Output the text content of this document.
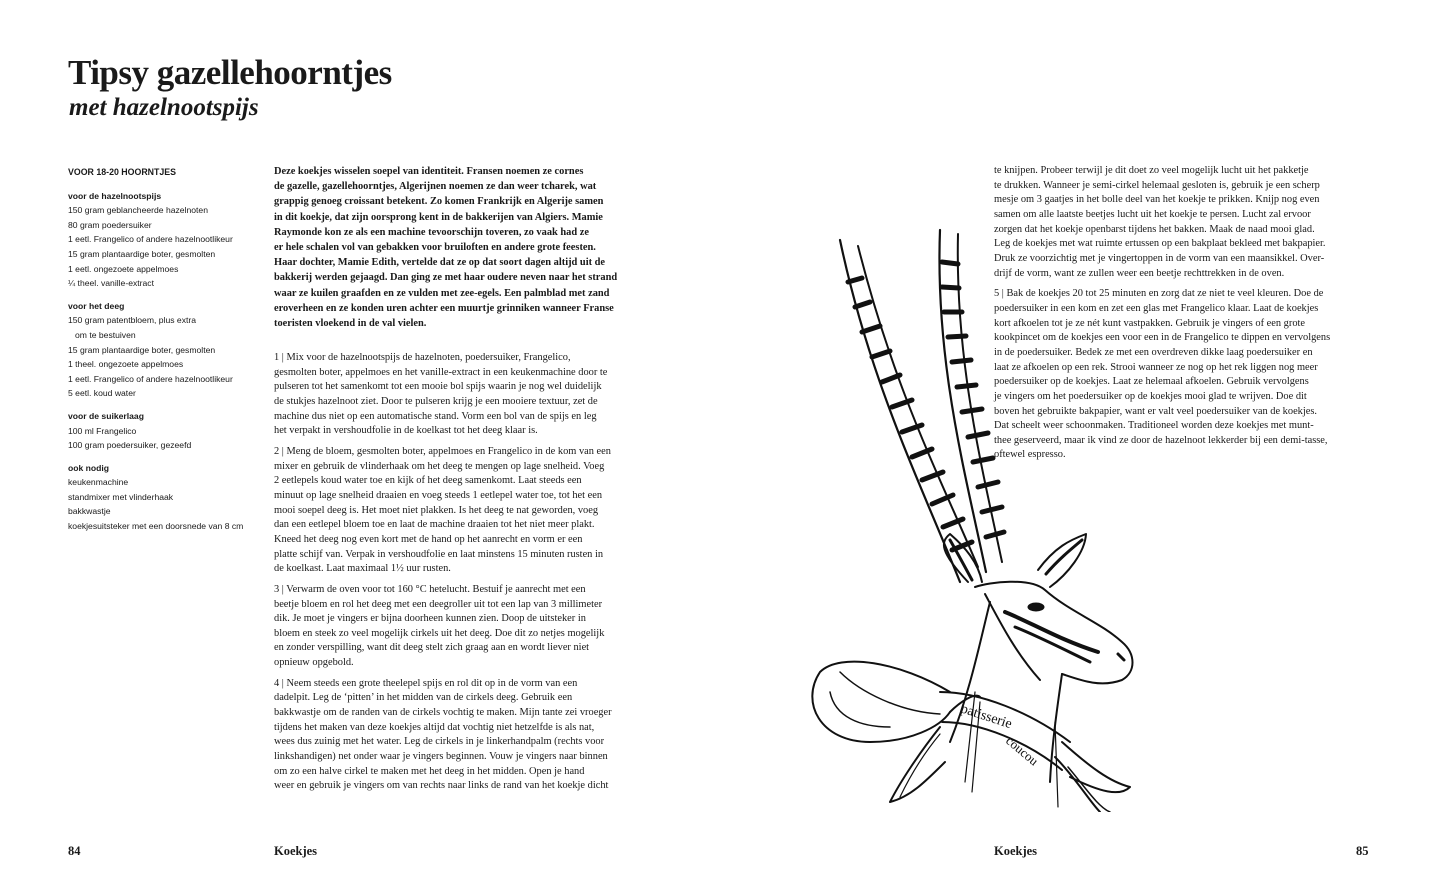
Tipsy gazellehoorntjes
met hazelnootspijs
VOOR 18-20 HOORNTJES
voor de hazelnootspijs
150 gram geblancheerde hazelnoten
80 gram poedersuiker
1 eetl. Frangelico of andere hazelnootlikeur
15 gram plantaardige boter, gesmolten
1 eetl. ongezoete appelmoes
¼ theel. vanille-extract
voor het deeg
150 gram patentbloem, plus extra
om te bestuiven
15 gram plantaardige boter, gesmolten
1 theel. ongezoete appelmoes
1 eetl. Frangelico of andere hazelnootlikeur
5 eetl. koud water
voor de suikerlaag
100 ml Frangelico
100 gram poedersuiker, gezeefd
ook nodig
keukenmachine
standmixer met vlinderhaak
bakkwastje
koekjesuitsteker met een doorsnede van 8 cm
Deze koekjes wisselen soepel van identiteit. Fransen noemen ze cornes
de gazelle, gazellehoorntjes, Algerijnen noemen ze dan weer tcharek, wat
grappig genoeg croissant betekent. Zo komen Frankrijk en Algerije samen
in dit koekje, dat zijn oorsprong kent in de bakkerijen van Algiers. Mamie
Raymonde kon ze als een machine tevoorschijn toveren, zo vaak had ze
er hele schalen vol van gebakken voor bruiloften en andere grote feesten.
Haar dochter, Mamie Edith, vertelde dat ze op dat soort dagen altijd uit de
bakkerij werden gejaagd. Dan ging ze met haar oudere neven naar het strand
waar ze kuilen graafden en ze vulden met zee-egels. Een palmblad met zand
eroverheen en ze konden uren achter een muurtje grinniken wanneer Franse
toeristen vloekend in de val vielen.
1 | Mix voor de hazelnootspijs de hazelnoten, poedersuiker, Frangelico,
gesmolten boter, appelmoes en het vanille-extract in een keukenmachine door te
pulseren tot het samenkomt tot een mooie bol spijs waarin je nog wel duidelijk
de stukjes hazelnoot ziet. Door te pulseren krijg je een mooiere textuur, zet de
machine dus niet op een automatische stand. Vorm een bol van de spijs en leg
het verpakt in vershoudfolie in de koelkast tot het deeg klaar is.
2 | Meng de bloem, gesmolten boter, appelmoes en Frangelico in de kom van een
mixer en gebruik de vlinderhaak om het deeg te mengen op lage snelheid. Voeg
2 eetlepels koud water toe en kijk of het deeg samenkomt. Laat steeds een
minuut op lage snelheid draaien en voeg steeds 1 eetlepel water toe, tot het een
mooi soepel deeg is. Het moet niet plakken. Is het deeg te nat geworden, voeg
dan een eetlepel bloem toe en laat de machine draaien tot het niet meer plakt.
Kneed het deeg nog even kort met de hand op het aanrecht en vorm er een
platte schijf van. Verpak in vershoudfolie en laat minstens 15 minuten rusten in
de koelkast. Laat maximaal 1½ uur rusten.
3 | Verwarm de oven voor tot 160 °C hetelucht. Bestuif je aanrecht met een
beetje bloem en rol het deeg met een deegroller uit tot een lap van 3 millimeter
dik. Je moet je vingers er bijna doorheen kunnen zien. Doop de uitsteker in
bloem en steek zo veel mogelijk cirkels uit het deeg. Doe dit zo netjes mogelijk
en zonder verspilling, want dit deeg stelt zich graag aan en wordt liever niet
opnieuw opgebold.
4 | Neem steeds een grote theelepel spijs en rol dit op in de vorm van een
dadelpit. Leg de ‘pitten’ in het midden van de cirkels deeg. Gebruik een
bakkwastje om de randen van de cirkels vochtig te maken. Mijn tante zei vroeger
tijdens het maken van deze koekjes altijd dat vochtig niet hetzelfde is als nat,
wees dus zuinig met het water. Leg de cirkels in je linkerhandpalm (rechts voor
linkshandigen) net onder waar je vingers beginnen. Vouw je vingers naar binnen
om zo een halve cirkel te maken met het deeg in het midden. Open je hand
weer en gebruik je vingers om van rechts naar links de rand van het koekje dicht
te knijpen. Probeer terwijl je dit doet zo veel mogelijk lucht uit het pakketje
te drukken. Wanneer je semi-cirkel helemaal gesloten is, gebruik je een scherp
mesje om 3 gaatjes in het bolle deel van het koekje te prikken. Knijp nog even
samen om alle laatste beetjes lucht uit het koekje te persen. Lucht zal ervoor
zorgen dat het koekje openbarst tijdens het bakken. Maak de naad mooi glad.
Leg de koekjes met wat ruimte ertussen op een bakplaat bekleed met bakpapier.
Druk ze voorzichtig met je vingertoppen in de vorm van een maansikkel. Over-
drijf de vorm, want ze zullen weer een beetje rechttrekken in de oven.
5 | Bak de koekjes 20 tot 25 minuten en zorg dat ze niet te veel kleuren. Doe de
poedersuiker in een kom en zet een glas met Frangelico klaar. Laat de koekjes
kort afkoelen tot je ze nét kunt vastpakken. Gebruik je vingers of een grote
kookpincet om de koekjes een voor een in de Frangelico te dippen en vervolgens
in de poedersuiker. Bedek ze met een overdreven dikke laag poedersuiker en
laat ze afkoelen op een rek. Strooi wanneer ze nog op het rek liggen nog meer
poedersuiker op de koekjes. Laat ze helemaal afkoelen. Gebruik vervolgens
je vingers om het poedersuiker op de koekjes mooi glad te wrijven. Doe dit
boven het gebruikte bakpapier, want er valt veel poedersuiker van de koekjes.
Dat scheelt weer schoonmaken. Traditioneel worden deze koekjes met munt-
thee geserveerd, maar ik vind ze door de hazelnoot lekkerder bij een demi-tasse,
oftewel espresso.
patisserie
coucou
84	Koekjes	Koekjes	85
